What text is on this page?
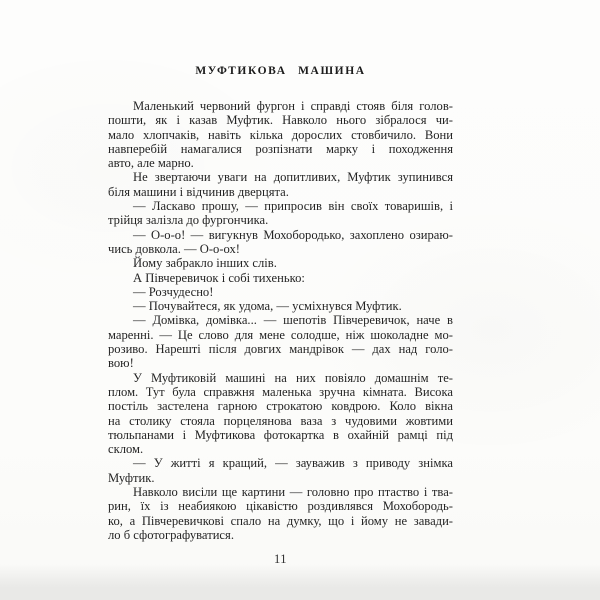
МУФТИКОВА МАШИНА
Маленький червоний фургон і справді стояв біля голов-
пошти, як і казав Муфтик. Навколо нього зібралося чи-
мало хлопчаків, навіть кілька дорослих стовбичило. Вони
навперебій намагалися розпізнати марку і походження
авто, але марно.
Не звертаючи уваги на допитливих, Муфтик зупинився
біля машини і відчинив дверцята.
— Ласкаво прошу, — припросив він своїх товаришів, і
трійця залізла до фургончика.
— О-о-о! — вигукнув Мохобородько, захоплено озираю-
чись довкола. — О-о-ох!
Йому забракло інших слів.
А Півчеревичок і собі тихенько:
— Розчудесно!
— Почувайтеся, як удома, — усміхнувся Муфтик.
— Домівка, домівка... — шепотів Півчеревичок, наче в
маренні. — Це слово для мене солодше, ніж шоколадне мо-
розиво. Нарешті після довгих мандрівок — дах над голо-
вою!
У Муфтиковій машині на них повіяло домашнім те-
плом. Тут була справжня маленька зручна кімната. Висока
постіль застелена гарною строкатою ковдрою. Коло вікна
на столику стояла порцелянова ваза з чудовими жовтими
тюльпанами і Муфтикова фотокартка в охайній рамці під
склом.
— У житті я кращий, — зауважив з приводу знімка
Муфтик.
Навколо висіли ще картини — головно про птаство і тва-
рин, їх із неабиякою цікавістю роздивлявся Мохобородь-
ко, а Півчеревичкові спало на думку, що і йому не завади-
ло б сфотографуватися.
11
